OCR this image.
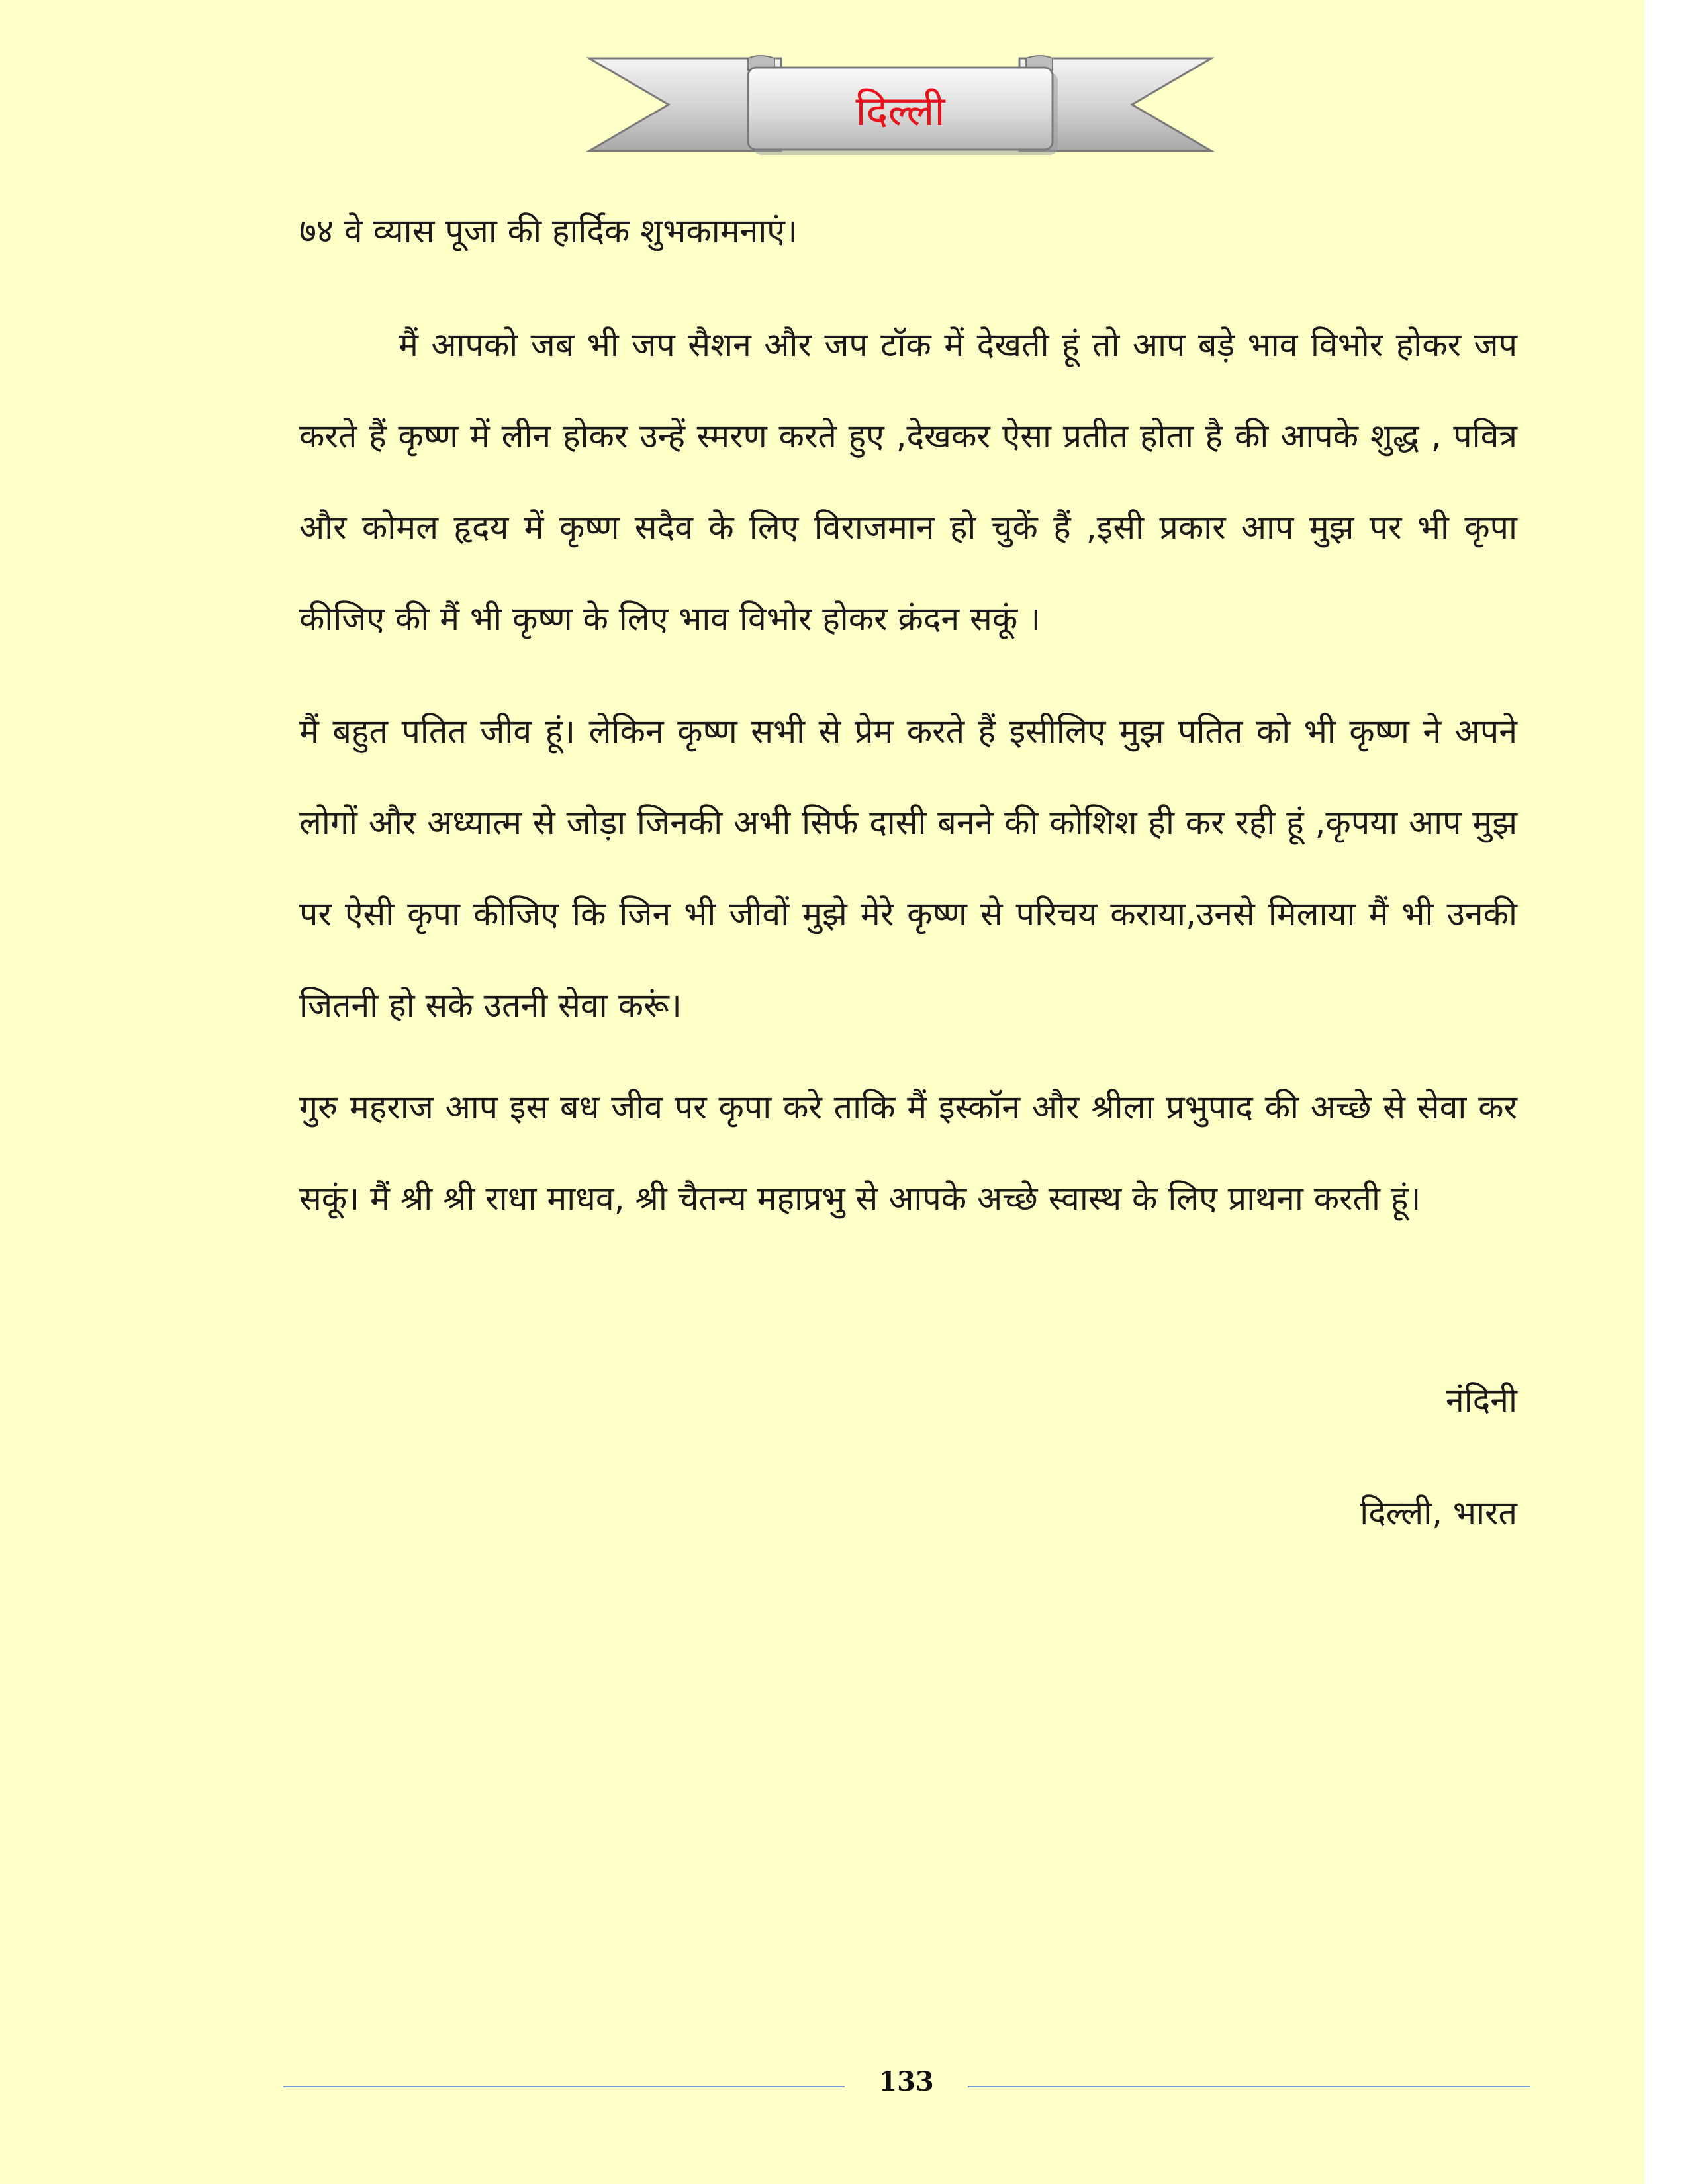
दिल्ली
७४ वे व्यास पूजा की हार्दिक शुभकामनाएं।

मैं आपको जब भी जप सैशन और जप टॉक में देखती हूं तो आप बड़े भाव विभोर होकर जप करते हैं कृष्ण में लीन होकर उन्हें स्मरण करते हुए ,देखकर ऐसा प्रतीत होता है की आपके शुद्ध , पवित्र और कोमल हृदय में कृष्ण सदैव के लिए विराजमान हो चुकें हैं ,इसी प्रकार आप मुझ पर भी कृपा कीजिए की मैं भी कृष्ण के लिए भाव विभोर होकर क्रंदन सकूं ।

मैं बहुत पतित जीव हूं। लेकिन कृष्ण सभी से प्रेम करते हैं इसीलिए मुझ पतित को भी कृष्ण ने अपने लोगों और अध्यात्म से जोड़ा जिनकी अभी सिर्फ दासी बनने की कोशिश ही कर रही हूं ,कृपया आप मुझ पर ऐसी कृपा कीजिए कि जिन भी जीवों मुझे मेरे कृष्ण से परिचय कराया,उनसे मिलाया मैं भी उनकी जितनी हो सके उतनी सेवा करूं।

गुरु महराज आप इस बध जीव पर कृपा करे ताकि मैं इस्कॉन और श्रीला प्रभुपाद की अच्छे से सेवा कर सकूं। मैं श्री श्री राधा माधव, श्री चैतन्य महाप्रभु से आपके अच्छे स्वास्थ के लिए प्राथना करती हूं।

नंदिनी
दिल्ली, भारत
133
